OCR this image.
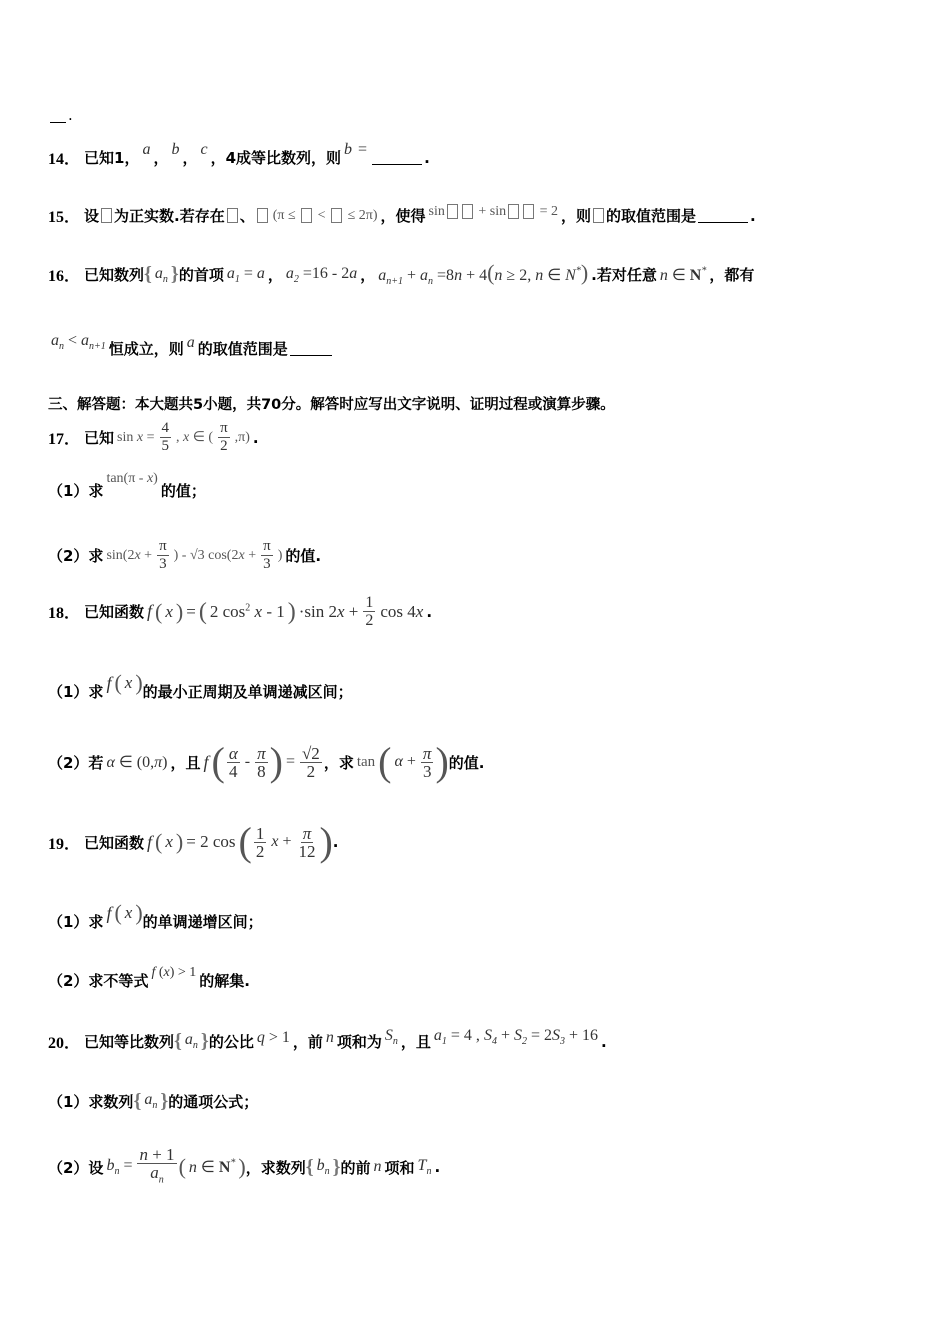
.
14． 已知1， a ， b ， c ，4成等比数列，则 b =	.
15． 设 为正实数.若存在 、 (π ≤  <  ≤ 2π) ，使得 sin + sin = 2 ，则 的取值范围是	.
16． 已知数列 { $a_n$ } 的首项 $a_1 = a$ ， $a_2 =16 - 2a$ ， $a_{n+1} + a_n =8n + 4(n \ge 2$, n ∈ N*) .若对任意 n ∈ N* ，都有
$a_n < a_{n+1}$ 恒成立，则 a 的取值范围是
三、解答题：本大题共5小题，共70分。解答时应写出文字说明、证明过程或演算步骤。
17． 已知 $\sin x = \frac{4}{5}$ , x ∈ ( $\frac{\pi}{2} ,\pi$) .
（1）求
tan(π - x)
的值；
（2）求 $\sin(2x + \frac{\pi}{3}$ ) - √3 $\cos(2x + \frac{\pi}{3}$ ) 的值.
18． 已知函数 f ( x ) = ( 2 $\cos^2 x - 1$ ) ·sin $2x + \frac{1}{2}$ cos 4x .
（1）求 f ( x ) 的最小正周期及单调递减区间；
（2）若 α ∈ (0,π) ，且 f ( $\frac{\alpha}{4} - \frac{\pi}{8}$ ) = $\frac{√2}{2}$ ，求 tan ( $\alpha + \frac{\pi}{3}$ ) 的值.
19． 已知函数 f ( x ) = 2 cos ( $\frac{1}{2}$ $x + \frac{\pi}{12}$ ) .
（1）求 f ( x ) 的单调递增区间；
（2）求不等式 f (x) > 1 的解集.
20． 已知等比数列 { $a_n$ } 的公比 q > 1 ，前 n 项和为 $S_n$ ，且 $a_1 = 4$ , $S_4 + S_2 = 2S_3 + 16$ .
（1）求数列 { $a_n$ } 的通项公式；
（2）设 $b_n = \frac{n + 1}{a_n}$ ( n ∈ N* ) ，求数列 { $b_n$ } 的前 n 项和 $T_n$ .
